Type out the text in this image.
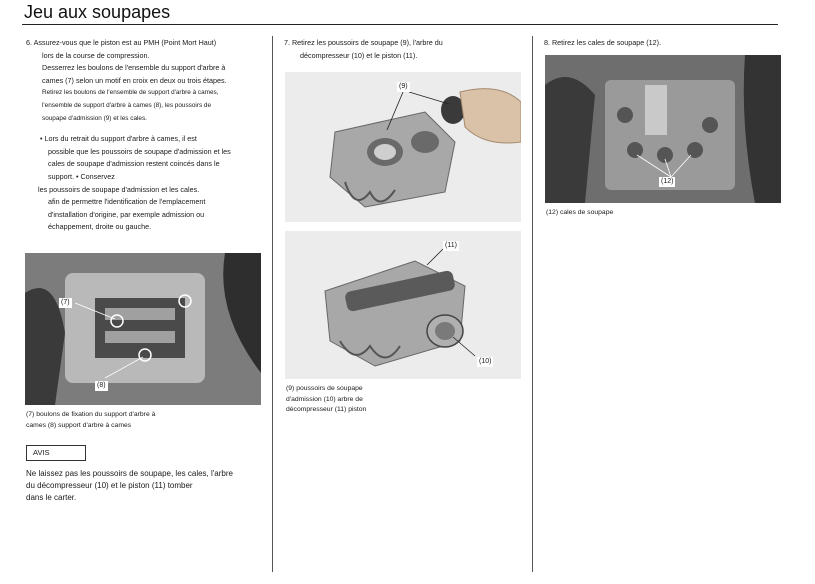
Jeu aux soupapes

6. Assurez-vous que le piston est au PMH (Point Mort Haut)

lors de la course de compression.

Desserrez les boulons de l'ensemble du support d'arbre à

cames (7) selon un motif en croix en deux ou trois étapes.

Retirez les boulons de l'ensemble de support d'arbre à cames,

l'ensemble de support d'arbre à cames (8), les poussoirs de

soupape d'admission (9) et les cales.

• Lors du retrait du support d'arbre à cames, il est

possible que les poussoirs de soupape d'admission et les

cales de soupape d'admission restent coincés dans le

support. • Conservez

les poussoirs de soupape d'admission et les cales.

afin de permettre l'identification de l'emplacement

d'installation d'origine, par exemple admission ou

échappement, droite ou gauche.

(7)
(8)
(7) boulons de fixation du support d'arbre à
cames (8) support d'arbre à cames
AVIS
Ne laissez pas les poussoirs de soupape, les cales, l'arbre
du décompresseur (10) et le piston (11) tomber
dans le carter.

7. Retirez les poussoirs de soupape (9), l'arbre du

décompresseur (10) et le piston (11).

(9)
(11)
(10)
(9) poussoirs de soupape
d'admission (10) arbre de
décompresseur (11) piston

8. Retirez les cales de soupape (12).

(12)
(12) cales de soupape
